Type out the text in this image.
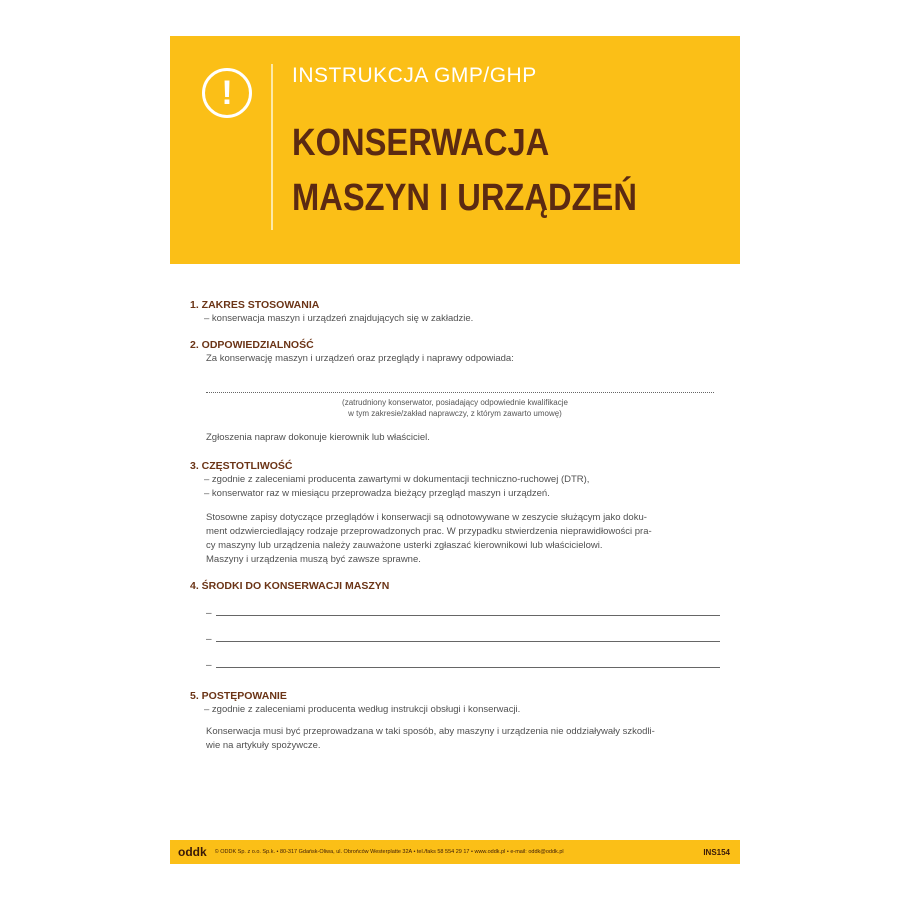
!	INSTRUKCJA GMP/GHP
KONSERWACJA
MASZYN I URZĄDZEŃ

1. ZAKRES STOSOWANIA

– konserwacja maszyn i urządzeń znajdujących się w zakładzie.

2. ODPOWIEDZIALNOŚĆ

Za konserwację maszyn i urządzeń oraz przeglądy i naprawy odpowiada:

(zatrudniony konserwator, posiadający odpowiednie kwalifikacje
w tym zakresie/zakład naprawczy, z którym zawarto umowę)

Zgłoszenia napraw dokonuje kierownik lub właściciel.

3. CZĘSTOTLIWOŚĆ

– zgodnie z zaleceniami producenta zawartymi w dokumentacji techniczno-ruchowej (DTR),

– konserwator raz w miesiącu przeprowadza bieżący przegląd maszyn i urządzeń.

Stosowne zapisy dotyczące przeglądów i konserwacji są odnotowywane w zeszycie służącym jako doku-

ment odzwierciedlający rodzaje przeprowadzonych prac. W przypadku stwierdzenia nieprawidłowości pra-

cy maszyny lub urządzenia należy zauważone usterki zgłaszać kierownikowi lub właścicielowi.

Maszyny i urządzenia muszą być zawsze sprawne.

4. ŚRODKI DO KONSERWACJI MASZYN

–
–
–

5. POSTĘPOWANIE

– zgodnie z zaleceniami producenta według instrukcji obsługi i konserwacji.

Konserwacja musi być przeprowadzana w taki sposób, aby maszyny i urządzenia nie oddziaływały szkodli-

wie na artykuły spożywcze.

oddk © ODDK Sp. z o.o. Sp.k. • 80-317 Gdańsk-Oliwa, ul. Obrońców Westerplatte 32A • tel./faks 58 554 29 17 • www.oddk.pl • e-mail: oddk@oddk.pl	INS154
